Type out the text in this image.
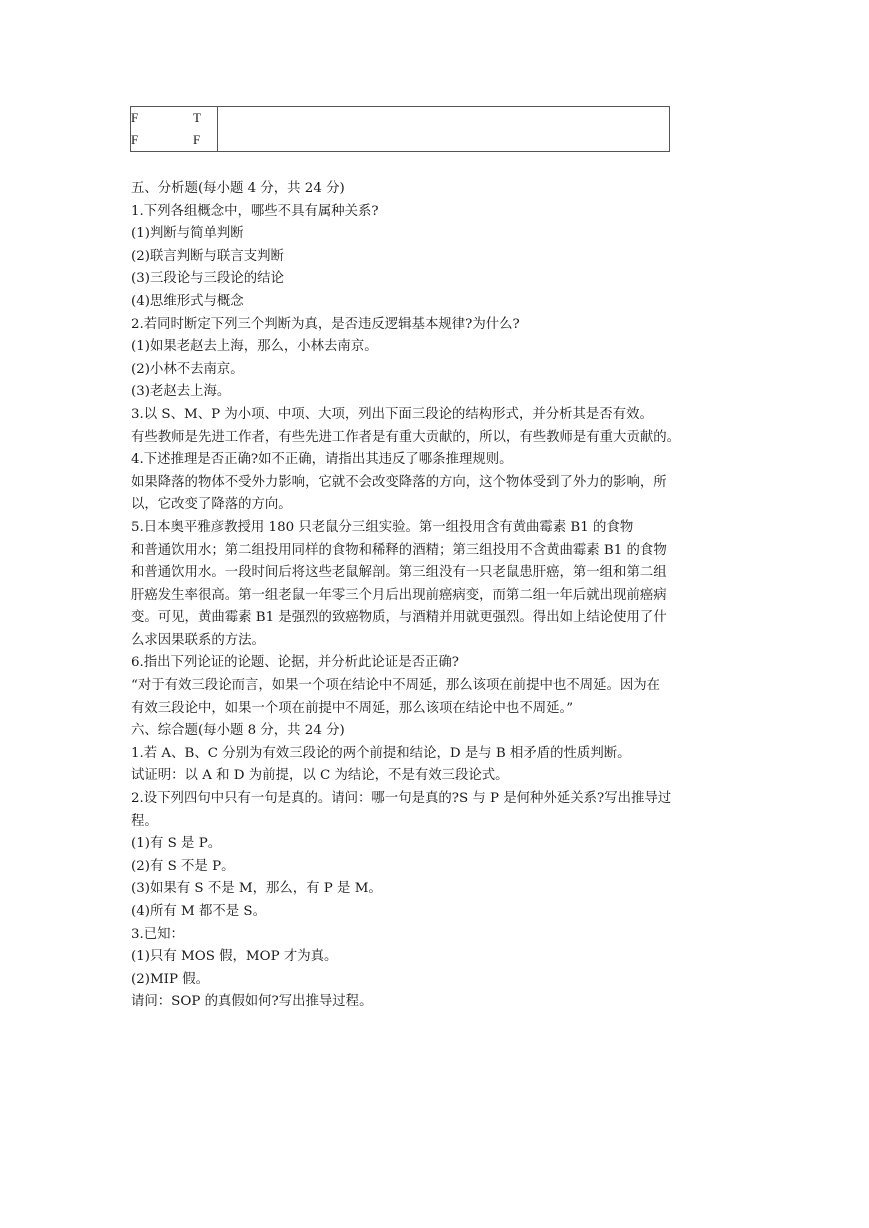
F	T
F	F
五、分析题(每小题 4 分，共 24 分)
1.下列各组概念中，哪些不具有属种关系?
(1)判断与简单判断
(2)联言判断与联言支判断
(3)三段论与三段论的结论
(4)思维形式与概念
2.若同时断定下列三个判断为真，是否违反逻辑基本规律?为什么?
(1)如果老赵去上海，那么，小林去南京。
(2)小林不去南京。
(3)老赵去上海。
3.以 S、M、P 为小项、中项、大项，列出下面三段论的结构形式，并分析其是否有效。
有些教师是先进工作者，有些先进工作者是有重大贡献的，所以，有些教师是有重大贡献的。
4.下述推理是否正确?如不正确，请指出其违反了哪条推理规则。
如果降落的物体不受外力影响，它就不会改变降落的方向，这个物体受到了外力的影响，所
以，它改变了降落的方向。
5.日本奥平雅彦教授用 180 只老鼠分三组实验。第一组投用含有黄曲霉素 B1 的食物
和普通饮用水；第二组投用同样的食物和稀释的酒精；第三组投用不含黄曲霉素 B1 的食物
和普通饮用水。一段时间后将这些老鼠解剖。第三组没有一只老鼠患肝癌，第一组和第二组
肝癌发生率很高。第一组老鼠一年零三个月后出现前癌病变，而第二组一年后就出现前癌病
变。可见，黄曲霉素 B1 是强烈的致癌物质，与酒精并用就更强烈。得出如上结论使用了什
么求因果联系的方法。
6.指出下列论证的论题、论据，并分析此论证是否正确?
“对于有效三段论而言，如果一个项在结论中不周延，那么该项在前提中也不周延。因为在
有效三段论中，如果一个项在前提中不周延，那么该项在结论中也不周延。”
六、综合题(每小题 8 分，共 24 分)
1.若 A、B、C 分别为有效三段论的两个前提和结论，D 是与 B 相矛盾的性质判断。
试证明：以 A 和 D 为前提，以 C 为结论，不是有效三段论式。
2.设下列四句中只有一句是真的。请问：哪一句是真的?S 与 P 是何种外延关系?写出推导过
程。
(1)有 S 是 P。
(2)有 S 不是 P。
(3)如果有 S 不是 M，那么，有 P 是 M。
(4)所有 M 都不是 S。
3.已知：
(1)只有 MOS 假，MOP 才为真。
(2)MIP 假。
请问：SOP 的真假如何?写出推导过程。
